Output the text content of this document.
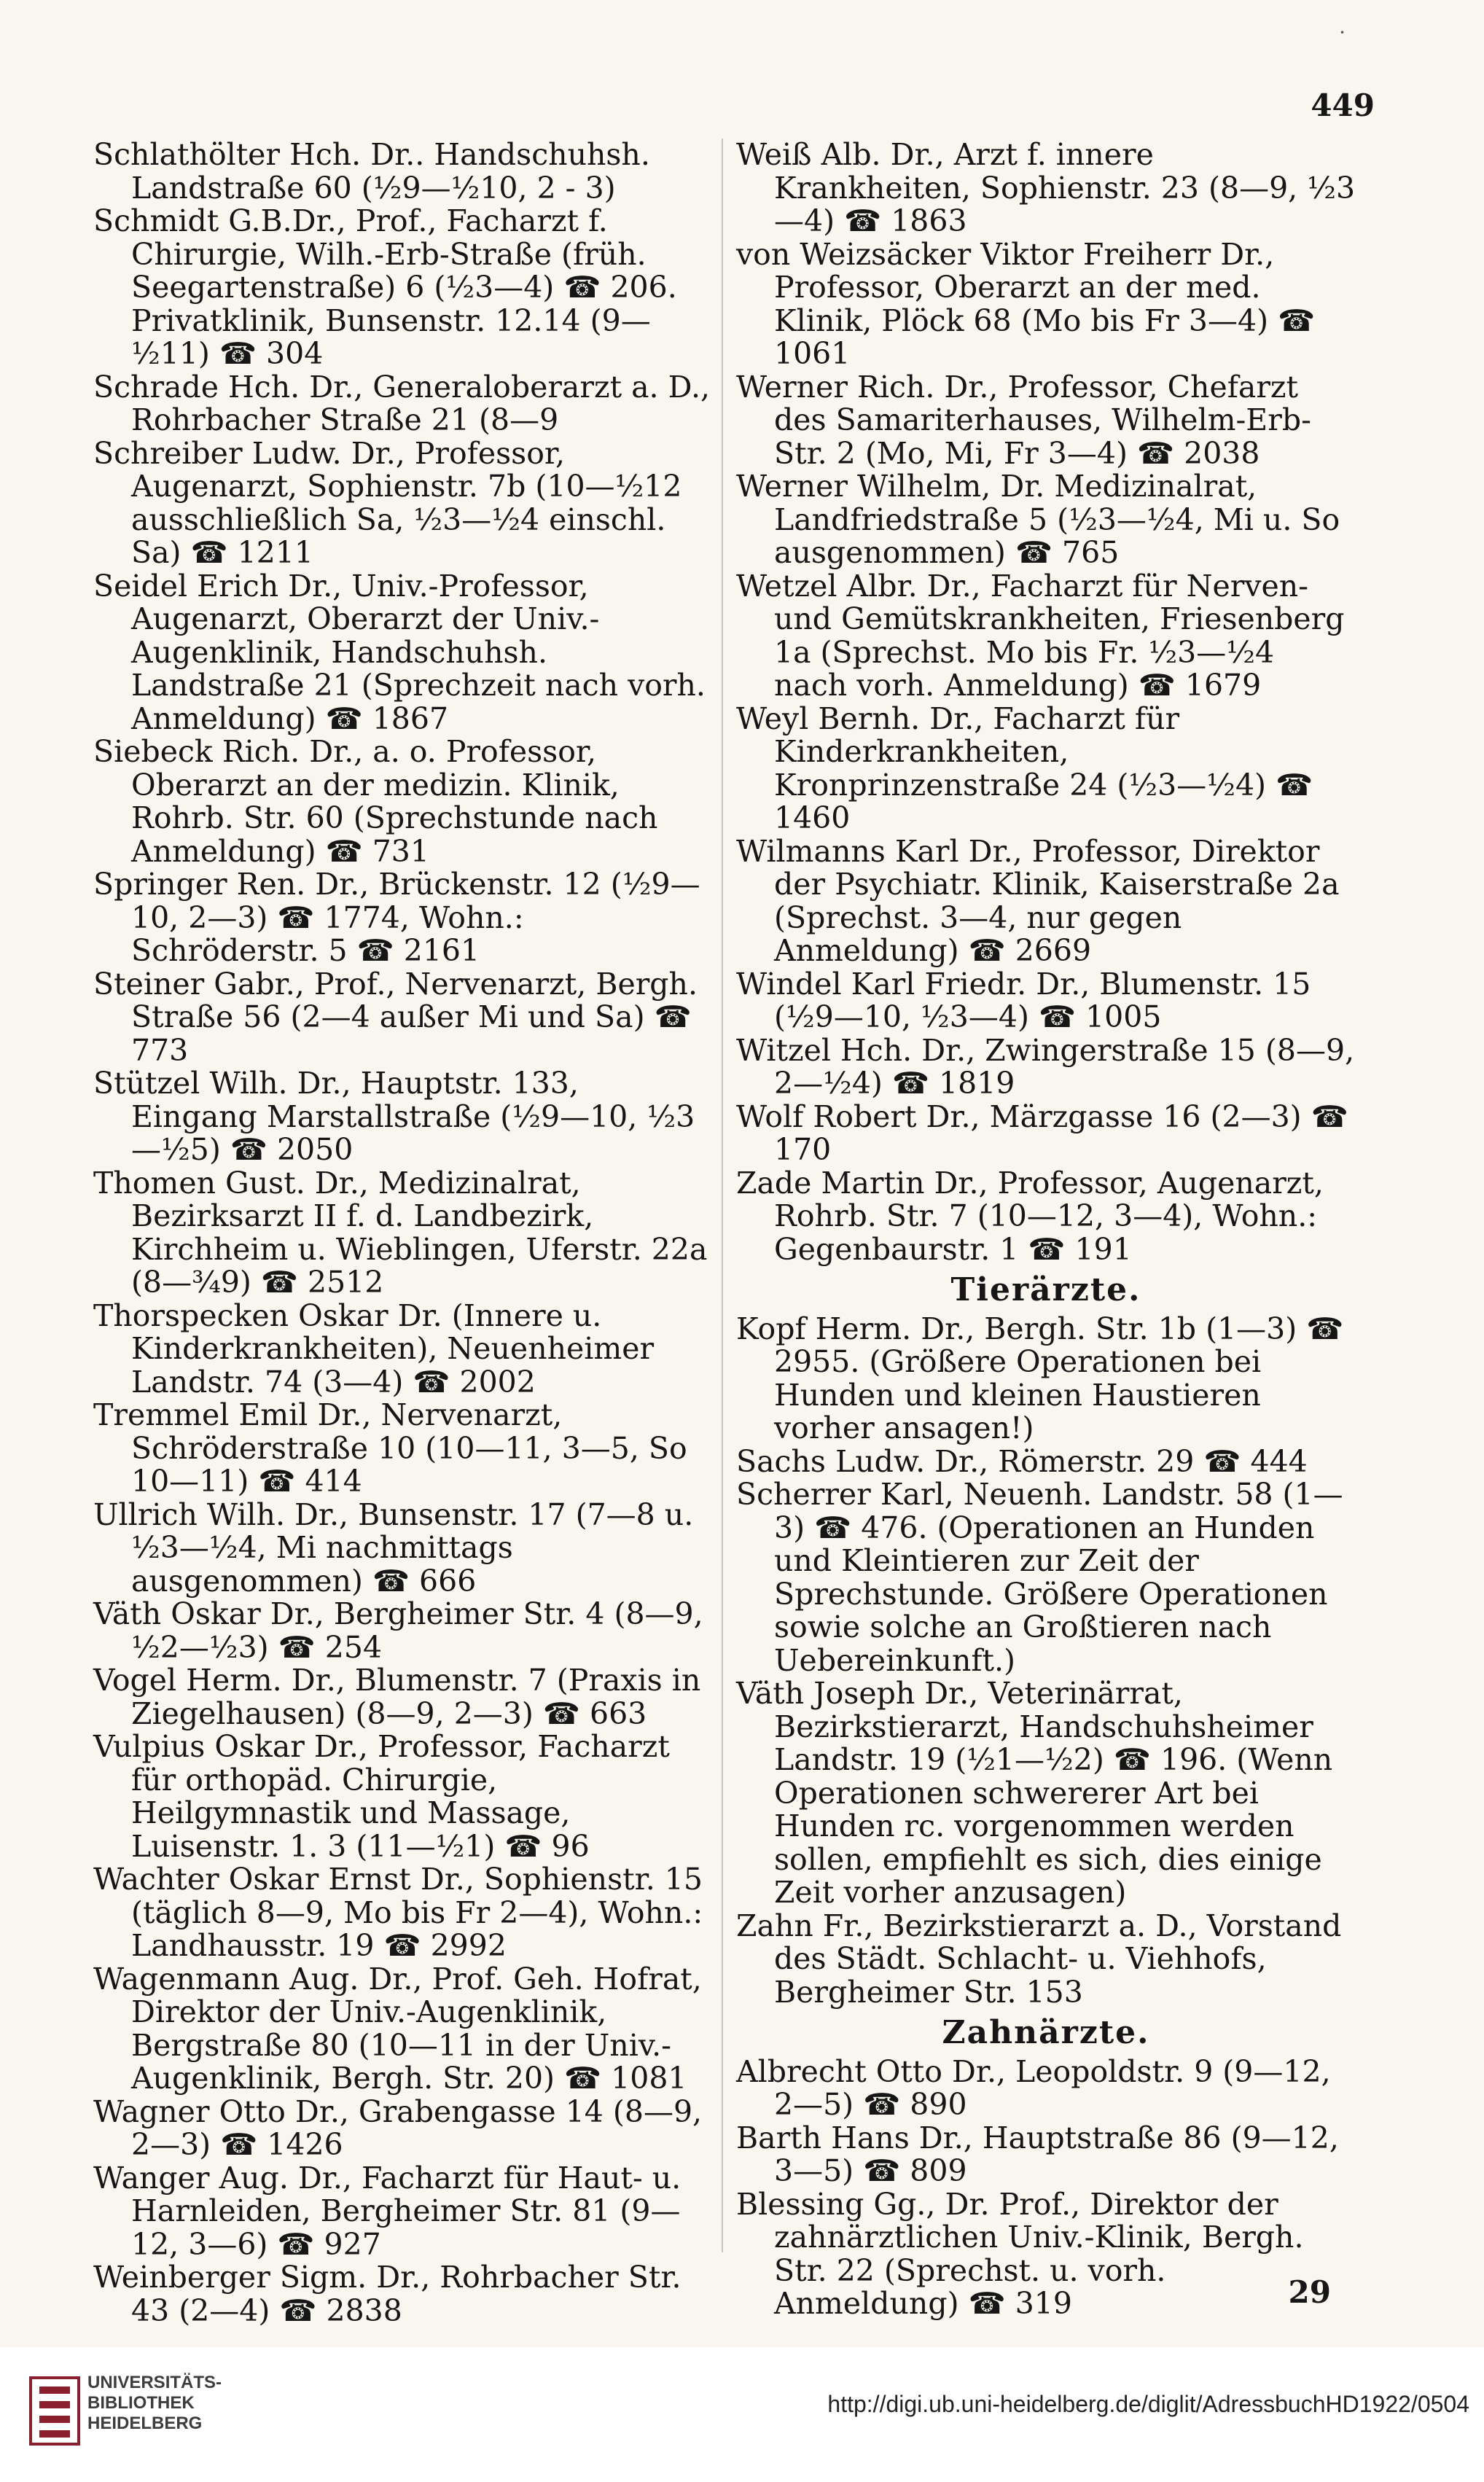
·
449

Schlathölter Hch. Dr.. Handschuhsh. Landstraße 60 (½9—½10, 2 - 3)

Schmidt G.B.Dr., Prof., Facharzt f. Chirurgie, Wilh.-Erb-Straße (früh. Seegartenstraße) 6 (½3—4) ☎ 206. Privatklinik, Bunsenstr. 12.14 (9—½11) ☎ 304

Schrade Hch. Dr., Generaloberarzt a. D., Rohrbacher Straße 21 (8—9

Schreiber Ludw. Dr., Professor, Augenarzt, Sophienstr. 7b (10—½12 ausschließlich Sa, ½3—½4 einschl. Sa) ☎ 1211

Seidel Erich Dr., Univ.-Professor, Augenarzt, Oberarzt der Univ.-Augenklinik, Handschuhsh. Landstraße 21 (Sprechzeit nach vorh. Anmeldung) ☎ 1867

Siebeck Rich. Dr., a. o. Professor, Oberarzt an der medizin. Klinik, Rohrb. Str. 60 (Sprechstunde nach Anmeldung) ☎ 731

Springer Ren. Dr., Brückenstr. 12 (½9—10, 2—3) ☎ 1774, Wohn.: Schröderstr. 5 ☎ 2161

Steiner Gabr., Prof., Nervenarzt, Bergh. Straße 56 (2—4 außer Mi und Sa) ☎ 773

Stützel Wilh. Dr., Hauptstr. 133, Eingang Marstallstraße (½9—10, ½3—½5) ☎ 2050

Thomen Gust. Dr., Medizinalrat, Bezirksarzt II f. d. Landbezirk, Kirchheim u. Wieblingen, Uferstr. 22a (8—¾9) ☎ 2512

Thorspecken Oskar Dr. (Innere u. Kinderkrankheiten), Neuenheimer Landstr. 74 (3—4) ☎ 2002

Tremmel Emil Dr., Nervenarzt, Schröderstraße 10 (10—11, 3—5, So 10—11) ☎ 414

Ullrich Wilh. Dr., Bunsenstr. 17 (7—8 u. ½3—½4, Mi nachmittags ausgenommen) ☎ 666

Väth Oskar Dr., Bergheimer Str. 4 (8—9, ½2—½3) ☎ 254

Vogel Herm. Dr., Blumenstr. 7 (Praxis in Ziegelhausen) (8—9, 2—3) ☎ 663

Vulpius Oskar Dr., Professor, Facharzt für orthopäd. Chirurgie, Heilgymnastik und Massage, Luisenstr. 1. 3 (11—½1) ☎ 96

Wachter Oskar Ernst Dr., Sophienstr. 15 (täglich 8—9, Mo bis Fr 2—4), Wohn.: Landhausstr. 19 ☎ 2992

Wagenmann Aug. Dr., Prof. Geh. Hofrat, Direktor der Univ.-Augenklinik, Bergstraße 80 (10—11 in der Univ.-Augenklinik, Bergh. Str. 20) ☎ 1081

Wagner Otto Dr., Grabengasse 14 (8—9, 2—3) ☎ 1426

Wanger Aug. Dr., Facharzt für Haut- u. Harnleiden, Bergheimer Str. 81 (9—12, 3—6) ☎ 927

Weinberger Sigm. Dr., Rohrbacher Str. 43 (2—4) ☎ 2838

Weiß Alb. Dr., Arzt f. innere Krankheiten, Sophienstr. 23 (8—9, ½3—4) ☎ 1863

von Weizsäcker Viktor Freiherr Dr., Professor, Oberarzt an der med. Klinik, Plöck 68 (Mo bis Fr 3—4) ☎ 1061

Werner Rich. Dr., Professor, Chefarzt des Samariterhauses, Wilhelm-Erb-Str. 2 (Mo, Mi, Fr 3—4) ☎ 2038

Werner Wilhelm, Dr. Medizinalrat, Landfriedstraße 5 (½3—½4, Mi u. So ausgenommen) ☎ 765

Wetzel Albr. Dr., Facharzt für Nerven- und Gemütskrankheiten, Friesenberg 1a (Sprechst. Mo bis Fr. ½3—½4 nach vorh. Anmeldung) ☎ 1679

Weyl Bernh. Dr., Facharzt für Kinderkrankheiten, Kronprinzenstraße 24 (½3—½4) ☎ 1460

Wilmanns Karl Dr., Professor, Direktor der Psychiatr. Klinik, Kaiserstraße 2a (Sprechst. 3—4, nur gegen Anmeldung) ☎ 2669

Windel Karl Friedr. Dr., Blumenstr. 15 (½9—10, ½3—4) ☎ 1005

Witzel Hch. Dr., Zwingerstraße 15 (8—9, 2—½4) ☎ 1819

Wolf Robert Dr., Märzgasse 16 (2—3) ☎ 170

Zade Martin Dr., Professor, Augenarzt, Rohrb. Str. 7 (10—12, 3—4), Wohn.: Gegenbaurstr. 1 ☎ 191

Tierärzte.

Kopf Herm. Dr., Bergh. Str. 1b (1—3) ☎ 2955. (Größere Operationen bei Hunden und kleinen Haustieren vorher ansagen!)

Sachs Ludw. Dr., Römerstr. 29 ☎ 444

Scherrer Karl, Neuenh. Landstr. 58 (1—3) ☎ 476. (Operationen an Hunden und Kleintieren zur Zeit der Sprechstunde. Größere Operationen sowie solche an Großtieren nach Uebereinkunft.)

Väth Joseph Dr., Veterinärrat, Bezirkstierarzt, Handschuhsheimer Landstr. 19 (½1—½2) ☎ 196. (Wenn Operationen schwererer Art bei Hunden rc. vorgenommen werden sollen, empfiehlt es sich, dies einige Zeit vorher anzusagen)

Zahn Fr., Bezirkstierarzt a. D., Vorstand des Städt. Schlacht- u. Viehhofs, Bergheimer Str. 153

Zahnärzte.

Albrecht Otto Dr., Leopoldstr. 9 (9—12, 2—5) ☎ 890

Barth Hans Dr., Hauptstraße 86 (9—12, 3—5) ☎ 809

Blessing Gg., Dr. Prof., Direktor der zahnärztlichen Univ.-Klinik, Bergh. Str. 22 (Sprechst. u. vorh. Anmeldung) ☎ 319	29
UNIVERSITÄTS-
BIBLIOTHEK
HEIDELBERG
http://digi.ub.uni-heidelberg.de/diglit/AdressbuchHD1922/0504
